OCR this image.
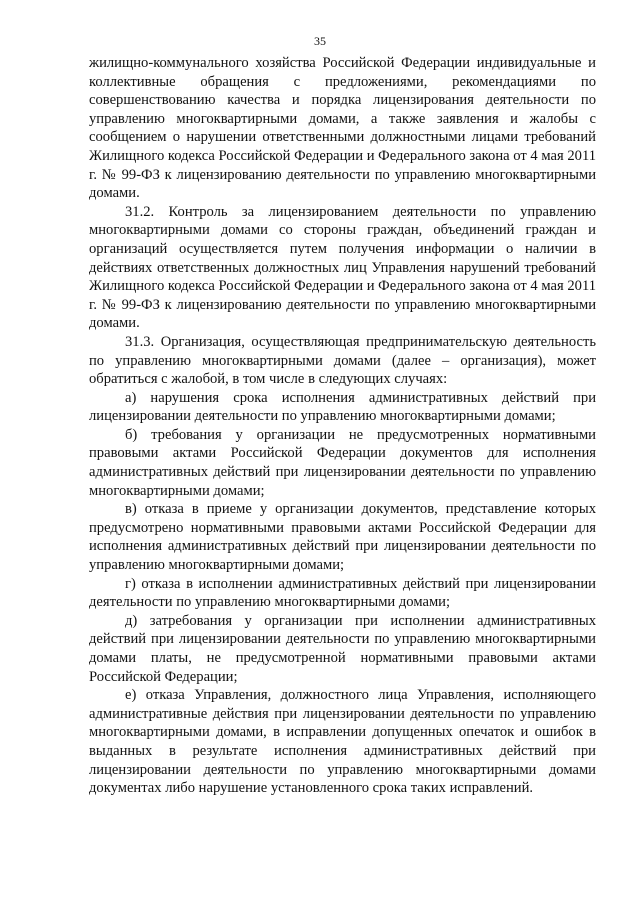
35

жилищно-коммунального хозяйства Российской Федерации индивидуальные и коллективные обращения с предложениями, рекомендациями по совершенствованию качества и порядка лицензирования деятельности по управлению многоквартирными домами, а также заявления и жалобы с сообщением о нарушении ответственными должностными лицами требований Жилищного кодекса Российской Федерации и Федерального закона от 4 мая 2011 г. № 99-ФЗ к лицензированию деятельности по управлению многоквартирными домами.

31.2. Контроль за лицензированием деятельности по управлению многоквартирными домами со стороны граждан, объединений граждан и организаций осуществляется путем получения информации о наличии в действиях ответственных должностных лиц Управления нарушений требований Жилищного кодекса Российской Федерации и Федерального закона от 4 мая 2011 г. № 99-ФЗ к лицензированию деятельности по управлению многоквартирными домами.

31.3. Организация, осуществляющая предпринимательскую деятельность по управлению многоквартирными домами (далее – организация), может обратиться с жалобой, в том числе в следующих случаях:

а) нарушения срока исполнения административных действий при лицензировании деятельности по управлению многоквартирными домами;

б) требования у организации не предусмотренных нормативными правовыми актами Российской Федерации документов для исполнения административных действий при лицензировании деятельности по управлению многоквартирными домами;

в) отказа в приеме у организации документов, представление которых предусмотрено нормативными правовыми актами Российской Федерации для исполнения административных действий при лицензировании деятельности по управлению многоквартирными домами;

г) отказа в исполнении административных действий при лицензировании деятельности по управлению многоквартирными домами;

д) затребования у организации при исполнении административных действий при лицензировании деятельности по управлению многоквартирными домами платы, не предусмотренной нормативными правовыми актами Российской Федерации;

е) отказа Управления, должностного лица Управления, исполняющего административные действия при лицензировании деятельности по управлению многоквартирными домами, в исправлении допущенных опечаток и ошибок в выданных в результате исполнения административных действий при лицензировании деятельности по управлению многоквартирными домами документах либо нарушение установленного срока таких исправлений.
